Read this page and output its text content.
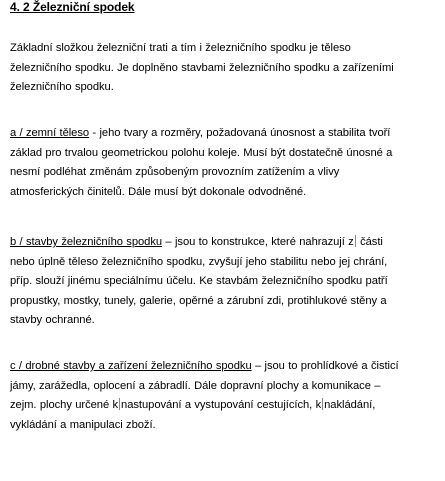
4. 2 Železniční spodek
Základní složkou železniční trati a tím i železničního spodku je těleso
železničního spodku. Je doplněno stavbami železničního spodku a zařízeními
železničního spodku.
a / zemní těleso - jeho tvary a rozměry, požadovaná únosnost a stabilita tvoří
základ pro trvalou geometrickou polohu koleje. Musí být dostatečně únosné a
nesmí podléhat změnám způsobeným provozním zatížením a vlivy
atmosferických činitelů. Dále musí být dokonale odvodněné.
b / stavby železničního spodku – jsou to konstrukce, které nahrazují z části
nebo úplně těleso železničního spodku, zvyšují jeho stabilitu nebo jej chrání,
příp. slouží jinému speciálnímu účelu. Ke stavbám železničního spodku patří
propustky, mostky, tunely, galerie, opěrné a zárubní zdi, protihlukové stěny a
stavby ochranné.
c / drobné stavby a zařízení železničního spodku – jsou to prohlídkové a čisticí
jámy, zarážedla, oplocení a zábradlí. Dále dopravní plochy a komunikace –
zejm. plochy určené k nastupování a vystupování cestujících, k nakládání,
vykládání a manipulaci zboží.
